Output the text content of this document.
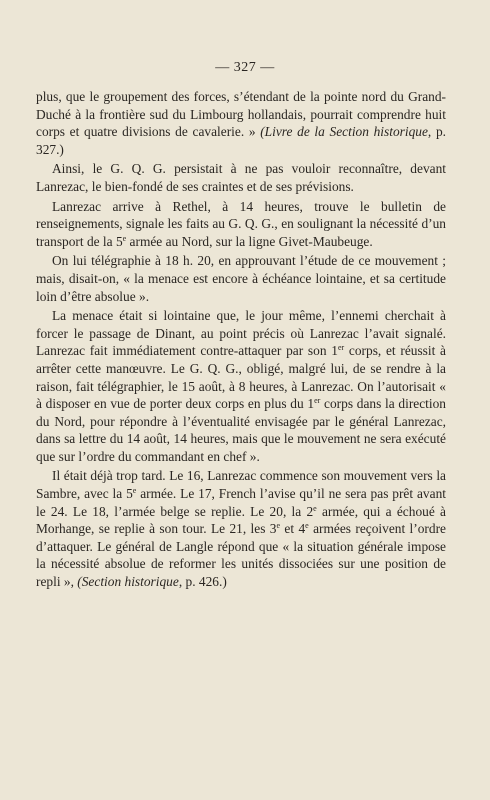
— 327 —

plus, que le groupement des forces, s’étendant de la pointe nord du Grand-Duché à la frontière sud du Limbourg hollandais, pourrait comprendre huit corps et quatre divisions de cavalerie. » (Livre de la Section historique, p. 327.)

Ainsi, le G. Q. G. persistait à ne pas vouloir reconnaître, devant Lanrezac, le bien-fondé de ses craintes et de ses prévisions.

Lanrezac arrive à Rethel, à 14 heures, trouve le bulletin de renseignements, signale les faits au G. Q. G., en soulignant la nécessité d’un transport de la 5e armée au Nord, sur la ligne Givet-Maubeuge.

On lui télégraphie à 18 h. 20, en approuvant l’étude de ce mouvement ; mais, disait-on, « la menace est encore à échéance lointaine, et sa certitude loin d’être absolue ».

La menace était si lointaine que, le jour même, l’ennemi cherchait à forcer le passage de Dinant, au point précis où Lanrezac l’avait signalé. Lanrezac fait immédiatement contre-attaquer par son 1er corps, et réussit à arrêter cette manœuvre. Le G. Q. G., obligé, malgré lui, de se rendre à la raison, fait télégraphier, le 15 août, à 8 heures, à Lanrezac. On l’autorisait « à disposer en vue de porter deux corps en plus du 1er corps dans la direction du Nord, pour répondre à l’éventualité envisagée par le général Lanrezac, dans sa lettre du 14 août, 14 heures, mais que le mouvement ne sera exécuté que sur l’ordre du commandant en chef ».

Il était déjà trop tard. Le 16, Lanrezac commence son mouvement vers la Sambre, avec la 5e armée. Le 17, French l’avise qu’il ne sera pas prêt avant le 24. Le 18, l’armée belge se replie. Le 20, la 2e armée, qui a échoué à Morhange, se replie à son tour. Le 21, les 3e et 4e armées reçoivent l’ordre d’attaquer. Le général de Langle répond que « la situation générale impose la nécessité absolue de reformer les unités dissociées sur une position de repli », (Section historique, p. 426.)
